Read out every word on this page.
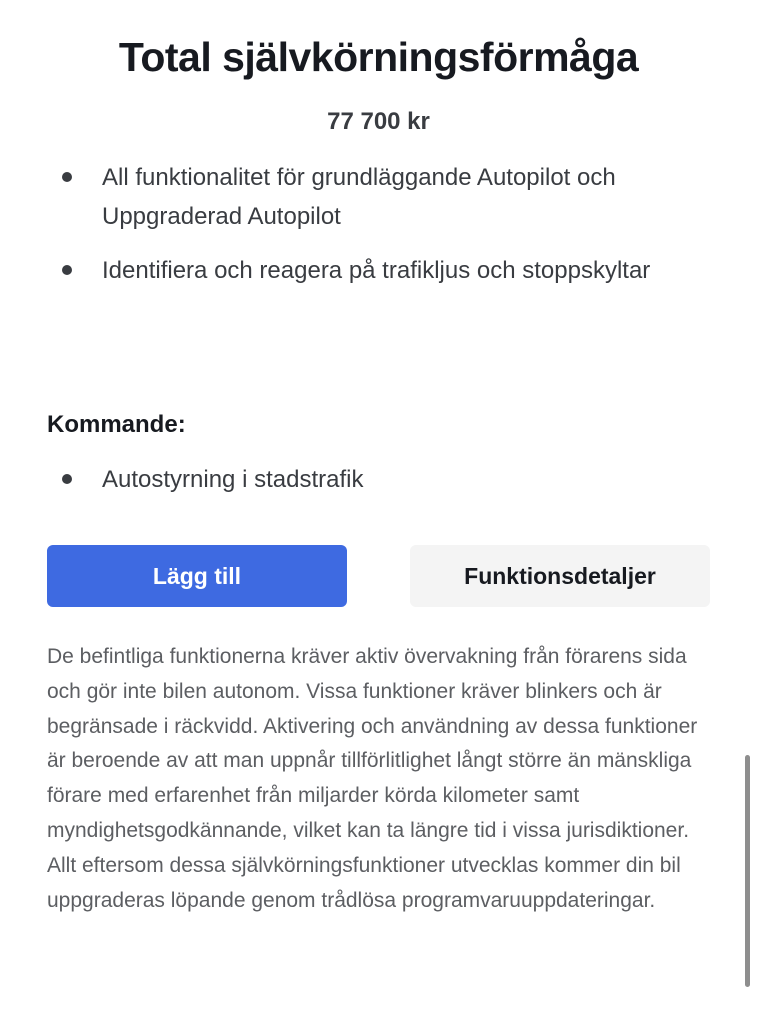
Total självkörningsförmåga
77 700 kr
All funktionalitet för grundläggande Autopilot och Uppgraderad Autopilot
Identifiera och reagera på trafikljus och stoppskyltar
Kommande:
Autostyrning i stadstrafik
Lägg till	Funktionsdetaljer

De befintliga funktionerna kräver aktiv övervakning från förarens sida och gör inte bilen autonom. Vissa funktioner kräver blinkers och är begränsade i räckvidd. Aktivering och användning av dessa funktioner är beroende av att man uppnår tillförlitlighet långt större än mänskliga förare med erfarenhet från miljarder körda kilometer samt myndighetsgodkännande, vilket kan ta längre tid i vissa jurisdiktioner. Allt eftersom dessa självkörningsfunktioner utvecklas kommer din bil uppgraderas löpande genom trådlösa programvaruuppdateringar.
